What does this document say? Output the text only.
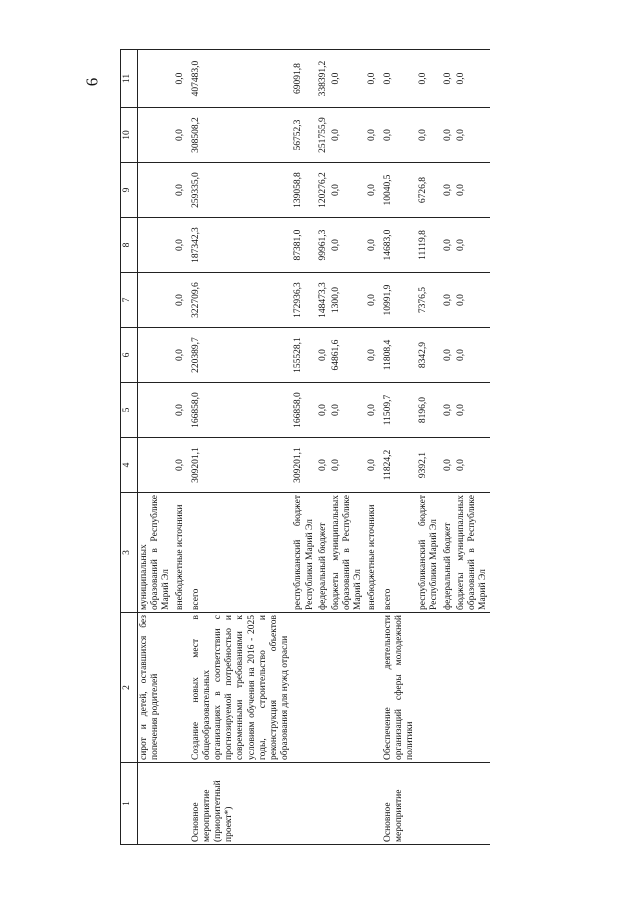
6
1	2	3	4	5	6	7	8	9	10	11
	сирот и детей, оставшихся без попечения родителей	муниципальных образований в Республике Марий Эл								
		внебюджетные источники	0,0	0,0	0,0	0,0	0,0	0,0	0,0	0,0
Основное мероприятие (приоритетный проект*)	Создание новых мест в общеобразовательных организациях в соответствии с прогнозируемой потребностью и современными требованиями к условиям обучения на 2016 - 2025 годы, строительство и реконструкция объектов образования для нужд отрасли	всего	309201,1	166858,0	220389,7	322709,6	187342,3	259335,0	308508,2	407483,0
		республиканский бюджет Республики Марий Эл	309201,1	166858,0	155528,1	172936,3	87381,0	139058,8	56752,3	69091,8
		федеральный бюджет	0,0	0,0	0,0	148473,3	99961,3	120276,2	251755,9	338391,2
		бюджеты муниципальных образований в Республике Марий Эл	0,0	0,0	64861,6	1300,0	0,0	0,0	0,0	0,0
		внебюджетные источники	0,0	0,0	0,0	0,0	0,0	0,0	0,0	0,0
Основное мероприятие	Обеспечение деятельности организаций сферы молодежной политики	всего	11824,2	11509,7	11808,4	10991,9	14683,0	10040,5	0,0	0,0
		республиканский бюджет Республики Марий Эл	9392,1	8196,0	8342,9	7376,5	11119,8	6726,8	0,0	0,0
		федеральный бюджет	0,0	0,0	0,0	0,0	0,0	0,0	0,0	0,0
		бюджеты муниципальных образований в Республике Марий Эл	0,0	0,0	0,0	0,0	0,0	0,0	0,0	0,0
